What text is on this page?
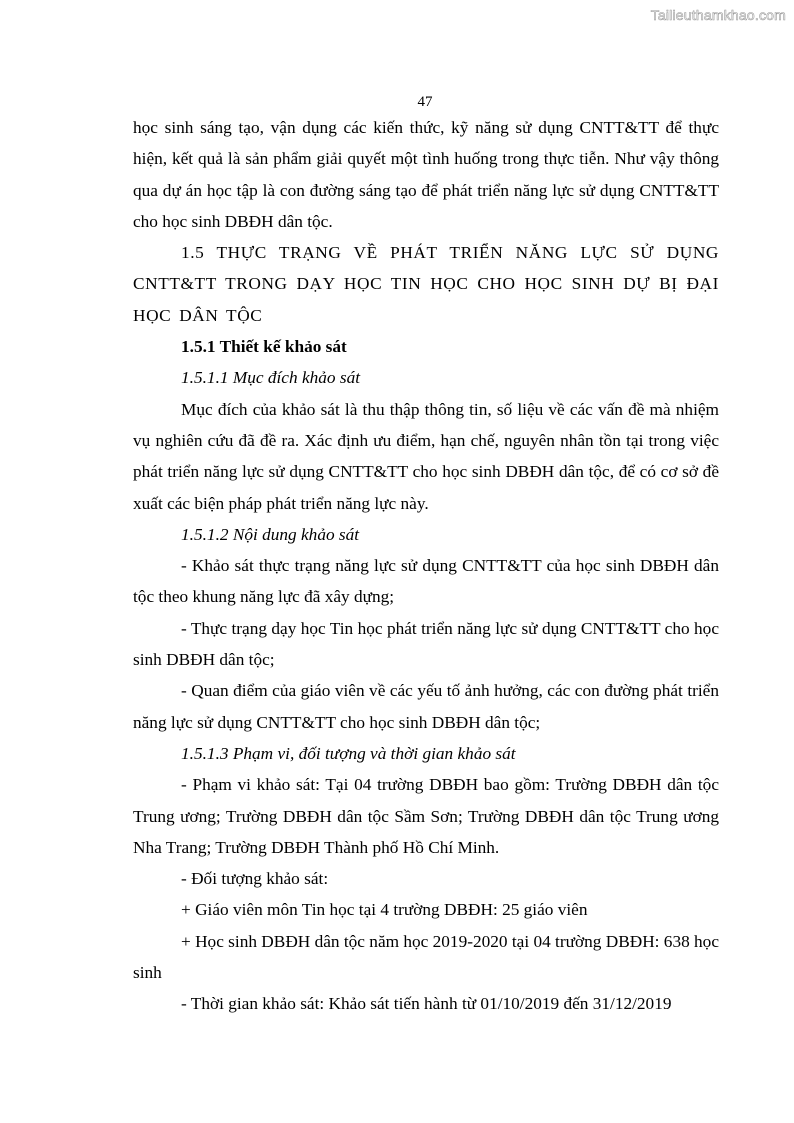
Tailieuthamkhao.com
47

học sinh sáng tạo, vận dụng các kiến thức, kỹ năng sử dụng CNTT&TT để thực hiện, kết quả là sản phẩm giải quyết một tình huống trong thực tiễn. Như vậy thông qua dự án học tập là con đường sáng tạo để phát triển năng lực sử dụng CNTT&TT cho học sinh DBĐH dân tộc.

1.5 THỰC TRẠNG VỀ PHÁT TRIỂN NĂNG LỰC SỬ DỤNG CNTT&TT TRONG DẠY HỌC TIN HỌC CHO HỌC SINH DỰ BỊ ĐẠI HỌC DÂN TỘC

1.5.1 Thiết kế khảo sát

1.5.1.1 Mục đích khảo sát

Mục đích của khảo sát là thu thập thông tin, số liệu về các vấn đề mà nhiệm vụ nghiên cứu đã đề ra. Xác định ưu điểm, hạn chế, nguyên nhân tồn tại trong việc phát triển năng lực sử dụng CNTT&TT cho học sinh DBĐH dân tộc, để có cơ sở đề xuất các biện pháp phát triển năng lực này.

1.5.1.2 Nội dung khảo sát

- Khảo sát thực trạng năng lực sử dụng CNTT&TT của học sinh DBĐH dân tộc theo khung năng lực đã xây dựng;

- Thực trạng dạy học Tin học phát triển năng lực sử dụng CNTT&TT cho học sinh DBĐH dân tộc;

- Quan điểm của giáo viên về các yếu tố ảnh hưởng, các con đường phát triển năng lực sử dụng CNTT&TT cho học sinh DBĐH dân tộc;

1.5.1.3 Phạm vi, đối tượng và thời gian khảo sát

- Phạm vi khảo sát: Tại 04 trường DBĐH bao gồm: Trường DBĐH dân tộc Trung ương; Trường DBĐH dân tộc Sầm Sơn; Trường DBĐH dân tộc Trung ương Nha Trang; Trường DBĐH Thành phố Hồ Chí Minh.

- Đối tượng khảo sát:

+ Giáo viên môn Tin học tại 4 trường DBĐH: 25 giáo viên

+ Học sinh DBĐH dân tộc năm học 2019-2020 tại 04 trường DBĐH: 638 học sinh

- Thời gian khảo sát: Khảo sát tiến hành từ 01/10/2019 đến 31/12/2019
